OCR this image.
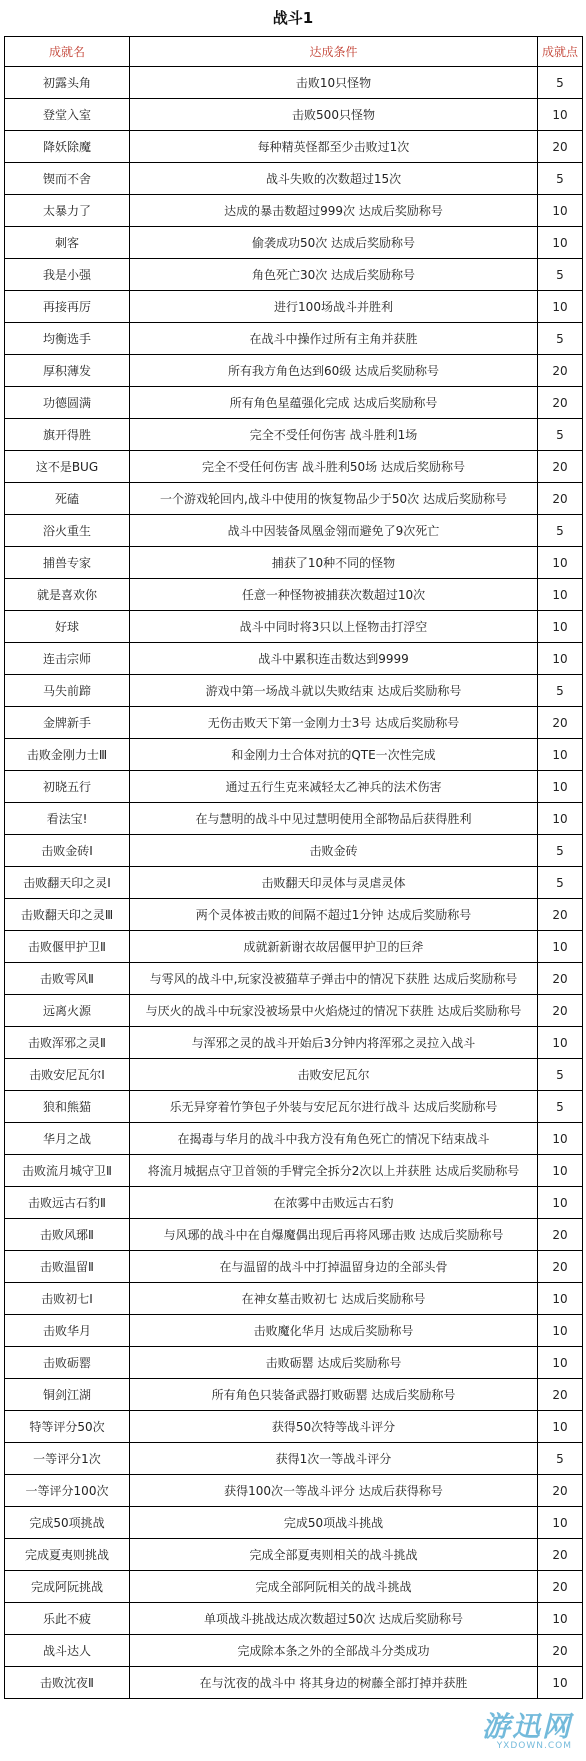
战斗1
成就名	达成条件	成就点
初露头角	击败10只怪物	5
登堂入室	击败500只怪物	10
降妖除魔	每种精英怪都至少击败过1次	20
锲而不舍	战斗失败的次数超过15次	5
太暴力了	达成的暴击数超过999次 达成后奖励称号	10
刺客	偷袭成功50次 达成后奖励称号	10
我是小强	角色死亡30次 达成后奖励称号	5
再接再厉	进行100场战斗并胜利	10
均衡选手	在战斗中操作过所有主角并获胜	5
厚积薄发	所有我方角色达到60级 达成后奖励称号	20
功德圆满	所有角色星蕴强化完成 达成后奖励称号	20
旗开得胜	完全不受任何伤害 战斗胜利1场	5
这不是BUG	完全不受任何伤害 战斗胜利50场 达成后奖励称号	20
死磕	一个游戏轮回内,战斗中使用的恢复物品少于50次 达成后奖励称号	20
浴火重生	战斗中因装备凤凰金翎而避免了9次死亡	5
捕兽专家	捕获了10种不同的怪物	10
就是喜欢你	任意一种怪物被捕获次数超过10次	10
好球	战斗中同时将3只以上怪物击打浮空	10
连击宗师	战斗中累积连击数达到9999	10
马失前蹄	游戏中第一场战斗就以失败结束 达成后奖励称号	5
金牌新手	无伤击败天下第一金刚力士3号 达成后奖励称号	20
击败金刚力士Ⅲ	和金刚力士合体对抗的QTE一次性完成	10
初晓五行	通过五行生克来减轻太乙神兵的法术伤害	10
看法宝!	在与慧明的战斗中见过慧明使用全部物品后获得胜利	10
击败金砖Ⅰ	击败金砖	5
击败翻天印之灵Ⅰ	击败翻天印灵体与灵虐灵体	5
击败翻天印之灵Ⅲ	两个灵体被击败的间隔不超过1分钟 达成后奖励称号	20
击败偃甲护卫Ⅱ	成就新新谢衣故居偃甲护卫的巨斧	10
击败雩风Ⅱ	与雩风的战斗中,玩家没被猫草子弹击中的情况下获胜 达成后奖励称号	20
远离火源	与厌火的战斗中玩家没被场景中火焰烧过的情况下获胜 达成后奖励称号	20
击败浑邪之灵Ⅱ	与浑邪之灵的战斗开始后3分钟内将浑邪之灵拉入战斗	10
击败安尼瓦尔Ⅰ	击败安尼瓦尔	5
狼和熊猫	乐无异穿着竹笋包子外装与安尼瓦尔进行战斗 达成后奖励称号	5
华月之战	在揭毒与华月的战斗中我方没有角色死亡的情况下结束战斗	10
击败流月城守卫Ⅱ	将流月城据点守卫首领的手臂完全拆分2次以上并获胜 达成后奖励称号	10
击败远古石豹Ⅱ	在浓雾中击败远古石豹	10
击败风琊Ⅱ	与风琊的战斗中在自爆魔偶出现后再将风琊击败 达成后奖励称号	20
击败温留Ⅱ	在与温留的战斗中打掉温留身边的全部头骨	20
击败初七Ⅰ	在神女墓击败初七 达成后奖励称号	10
击败华月	击败魔化华月 达成后奖励称号	10
击败砺罂	击败砺罂 达成后奖励称号	10
铜剑江湖	所有角色只装备武器打败砺罂 达成后奖励称号	20
特等评分50次	获得50次特等战斗评分	10
一等评分1次	获得1次一等战斗评分	5
一等评分100次	获得100次一等战斗评分 达成后获得称号	20
完成50项挑战	完成50项战斗挑战	10
完成夏夷则挑战	完成全部夏夷则相关的战斗挑战	20
完成阿阮挑战	完成全部阿阮相关的战斗挑战	20
乐此不疲	单项战斗挑战达成次数超过50次 达成后奖励称号	10
战斗达人	完成除本条之外的全部战斗分类成功	20
击败沈夜Ⅱ	在与沈夜的战斗中 将其身边的树藤全部打掉并获胜	10
游迅网
YXDOWN.COM
